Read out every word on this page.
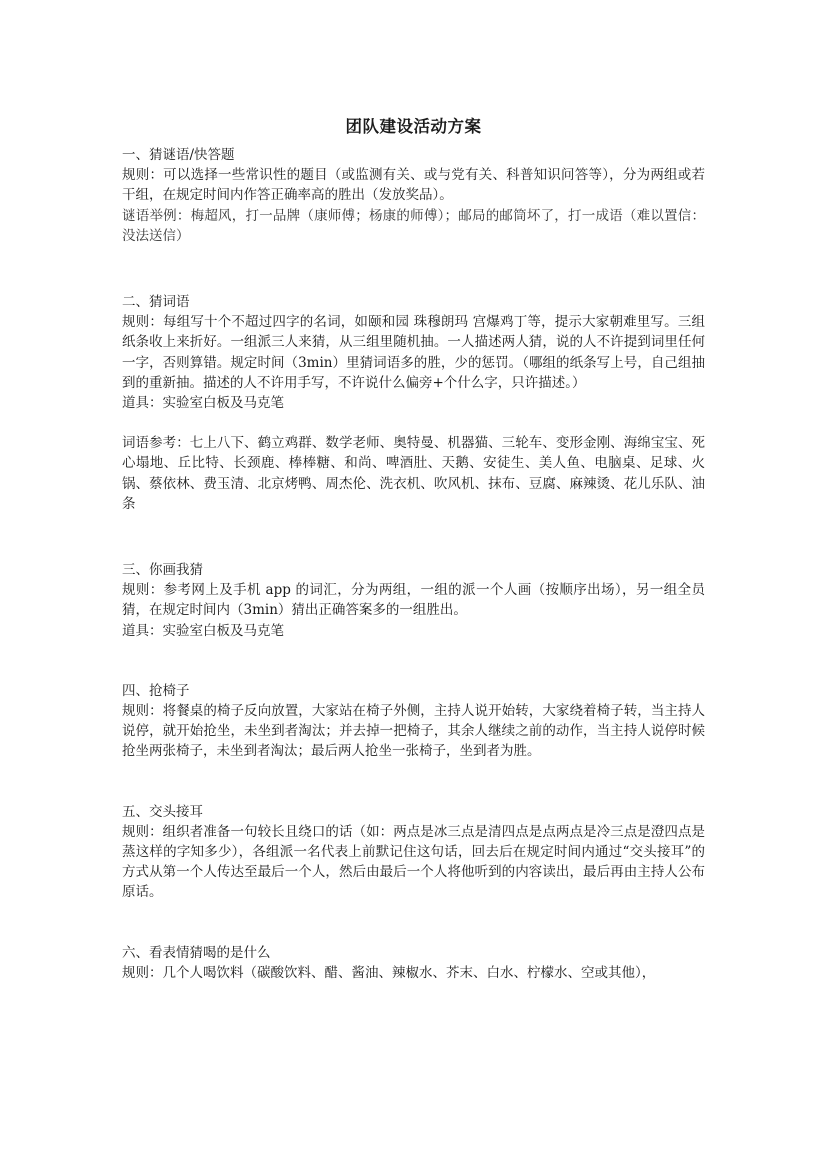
团队建设活动方案

一、猜谜语/快答题

规则：可以选择一些常识性的题目（或监测有关、或与党有关、科普知识问答等），分为两组或若干组，在规定时间内作答正确率高的胜出（发放奖品）。

谜语举例：梅超风，打一品牌（康师傅；杨康的师傅）；邮局的邮筒坏了，打一成语（难以置信：没法送信）

二、猜词语

规则：每组写十个不超过四字的名词，如颐和园 珠穆朗玛 宫爆鸡丁等，提示大家朝难里写。三组纸条收上来折好。一组派三人来猜，从三组里随机抽。一人描述两人猜，说的人不许提到词里任何一字，否则算错。规定时间（3min）里猜词语多的胜，少的惩罚。（哪组的纸条写上号，自己组抽到的重新抽。描述的人不许用手写，不许说什么偏旁+个什么字，只许描述。）

道具：实验室白板及马克笔

词语参考：七上八下、鹤立鸡群、数学老师、奥特曼、机器猫、三轮车、变形金刚、海绵宝宝、死心塌地、丘比特、长颈鹿、棒棒糖、和尚、啤酒肚、天鹅、安徒生、美人鱼、电脑桌、足球、火锅、蔡依林、费玉清、北京烤鸭、周杰伦、洗衣机、吹风机、抹布、豆腐、麻辣烫、花儿乐队、油条

三、你画我猜

规则：参考网上及手机 app 的词汇，分为两组，一组的派一个人画（按顺序出场），另一组全员猜，在规定时间内（3min）猜出正确答案多的一组胜出。

道具：实验室白板及马克笔

四、抢椅子

规则：将餐桌的椅子反向放置，大家站在椅子外侧，主持人说开始转，大家绕着椅子转，当主持人说停，就开始抢坐，未坐到者淘汰；并去掉一把椅子，其余人继续之前的动作，当主持人说停时候抢坐两张椅子，未坐到者淘汰；最后两人抢坐一张椅子，坐到者为胜。

五、交头接耳

规则：组织者准备一句较长且绕口的话（如：两点是冰三点是清四点是点两点是冷三点是澄四点是蒸这样的字知多少），各组派一名代表上前默记住这句话，回去后在规定时间内通过“交头接耳”的方式从第一个人传达至最后一个人，然后由最后一个人将他听到的内容读出，最后再由主持人公布原话。

六、看表情猜喝的是什么

规则：几个人喝饮料（碳酸饮料、醋、酱油、辣椒水、芥末、白水、柠檬水、空或其他），
